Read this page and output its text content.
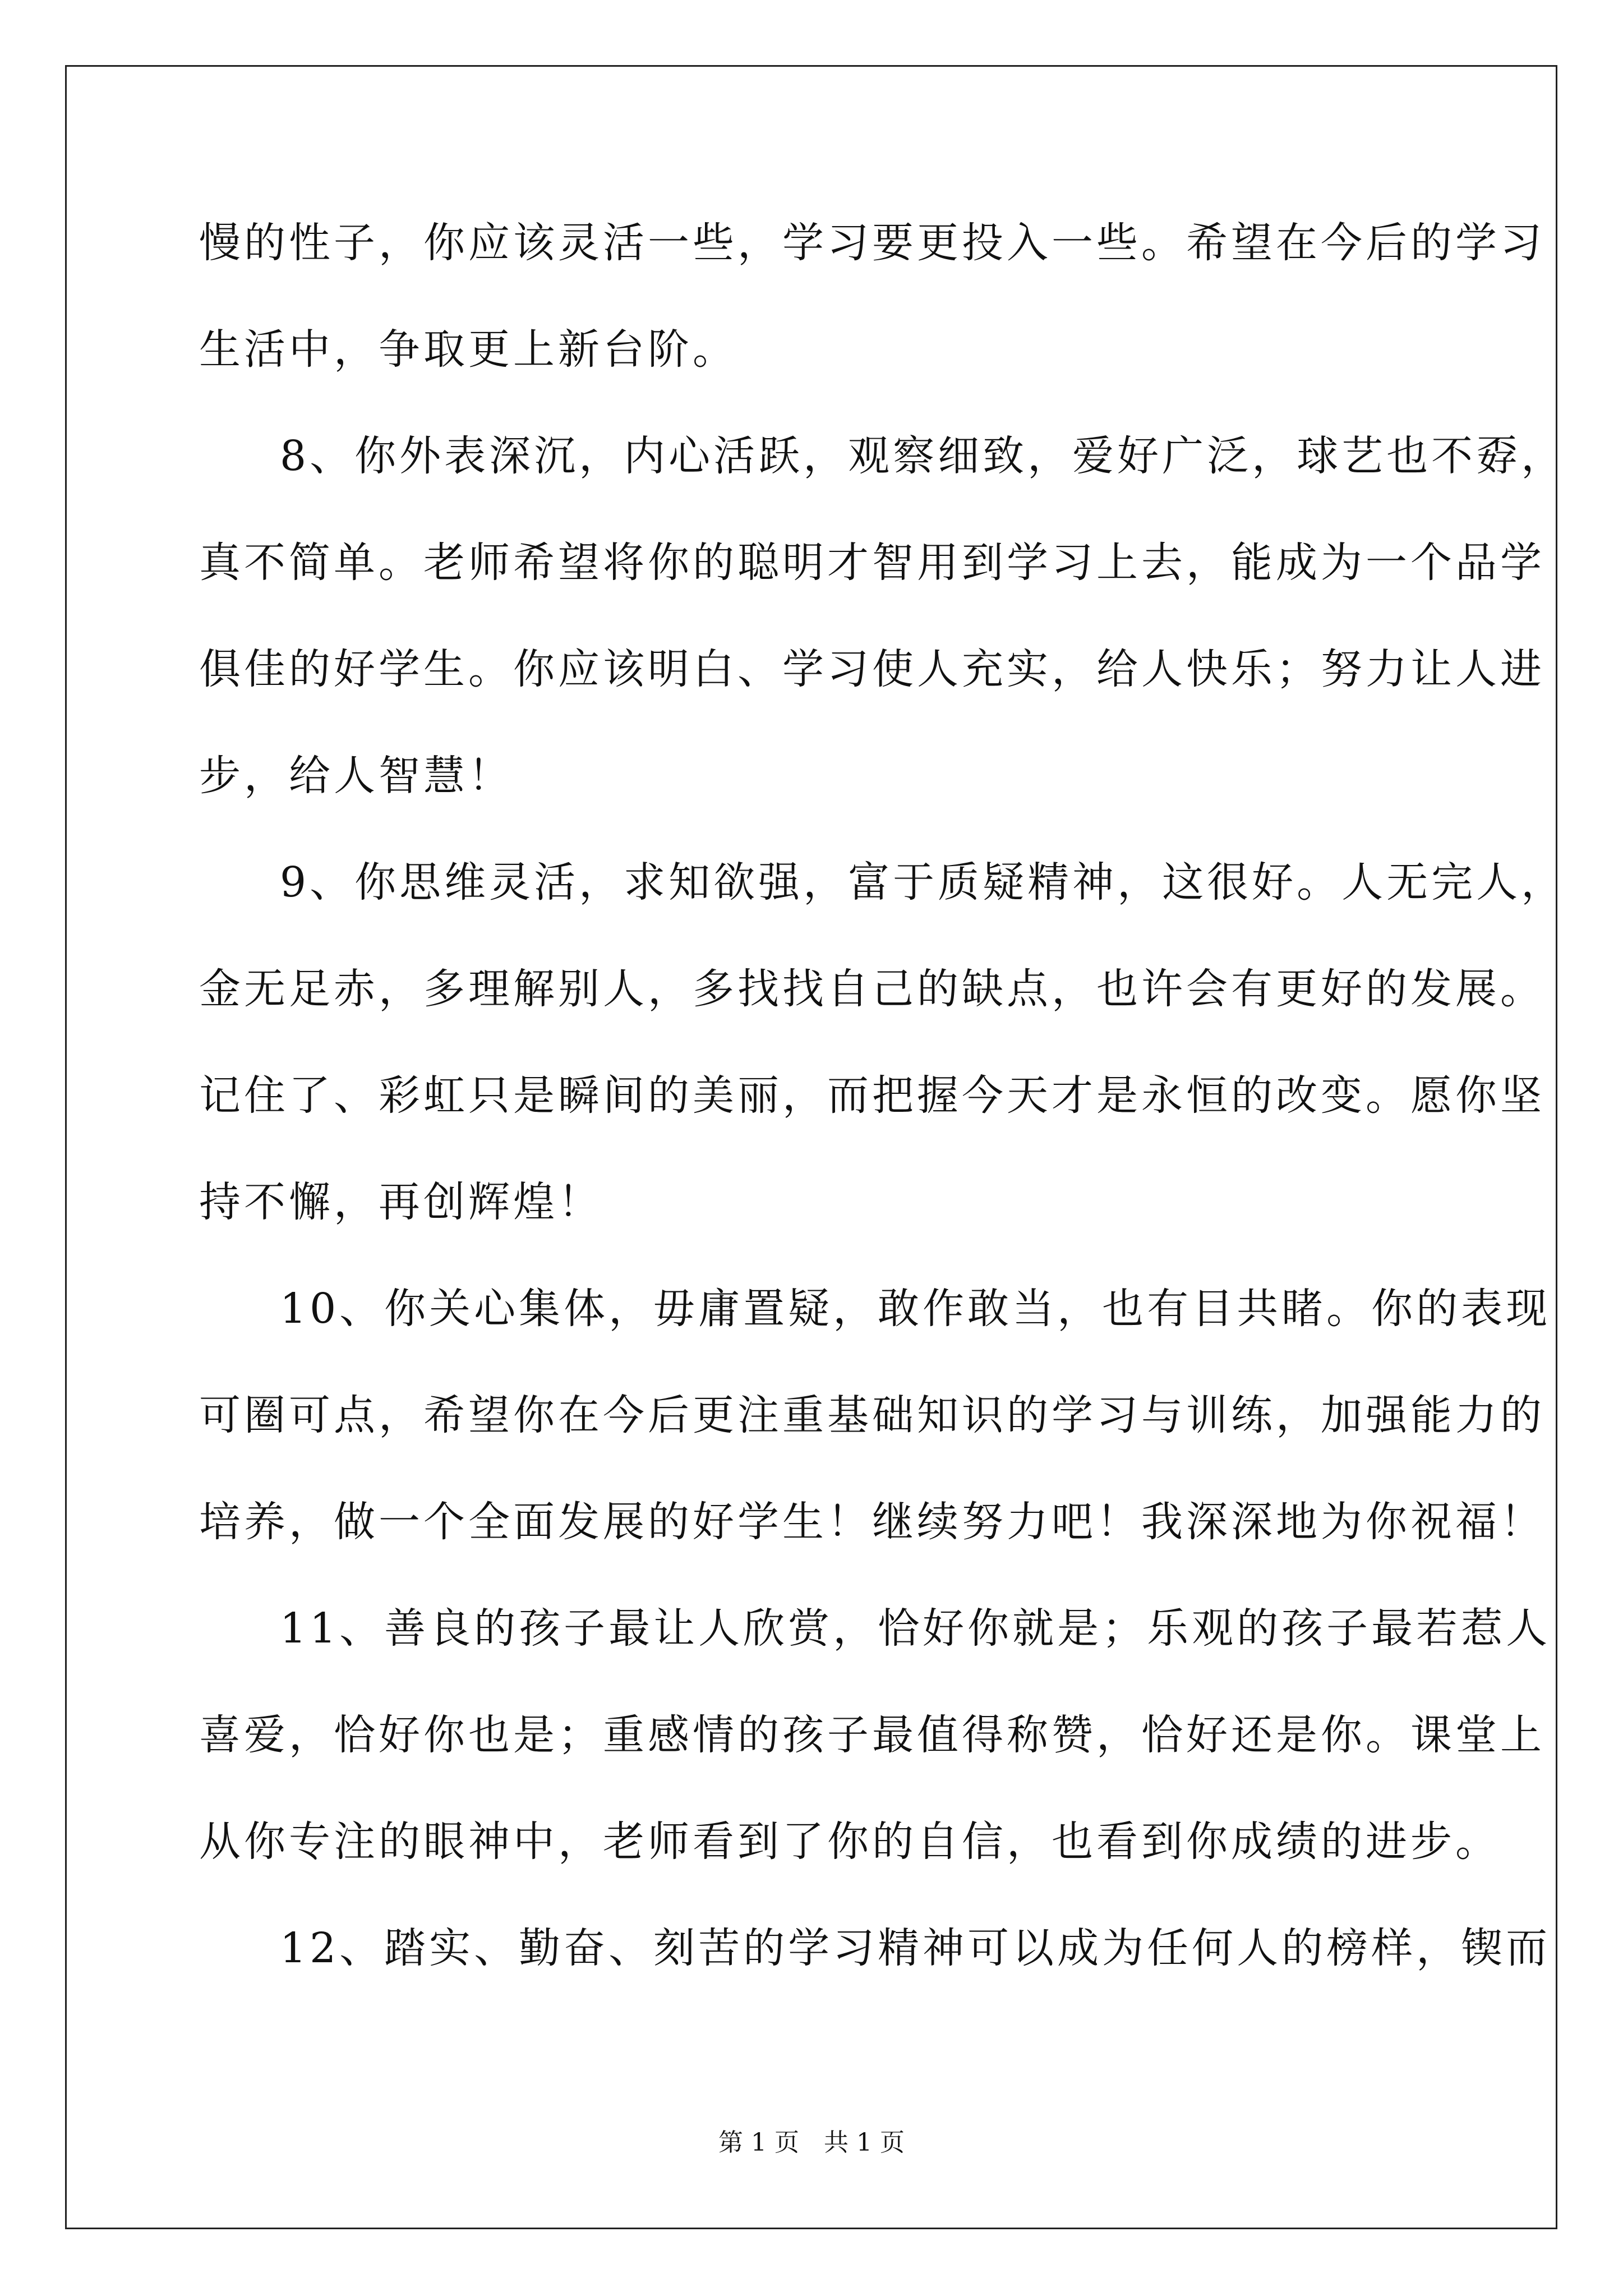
慢的性子，你应该灵活一些，学习要更投入一些。希望在今后的学习
生活中，争取更上新台阶。
8、你外表深沉，内心活跃，观察细致，爱好广泛，球艺也不孬，
真不简单。老师希望将你的聪明才智用到学习上去，能成为一个品学
俱佳的好学生。你应该明白、学习使人充实，给人快乐；努力让人进
步，给人智慧！
9、你思维灵活，求知欲强，富于质疑精神，这很好。人无完人，
金无足赤，多理解别人，多找找自己的缺点，也许会有更好的发展。
记住了、彩虹只是瞬间的美丽，而把握今天才是永恒的改变。愿你坚
持不懈，再创辉煌！
10、你关心集体，毋庸置疑，敢作敢当，也有目共睹。你的表现
可圈可点，希望你在今后更注重基础知识的学习与训练，加强能力的
培养，做一个全面发展的好学生！继续努力吧！我深深地为你祝福！
11、善良的孩子最让人欣赏，恰好你就是；乐观的孩子最若惹人
喜爱，恰好你也是；重感情的孩子最值得称赞，恰好还是你。课堂上
从你专注的眼神中，老师看到了你的自信，也看到你成绩的进步。
12、踏实、勤奋、刻苦的学习精神可以成为任何人的榜样，锲而
第 1 页　共 1 页
